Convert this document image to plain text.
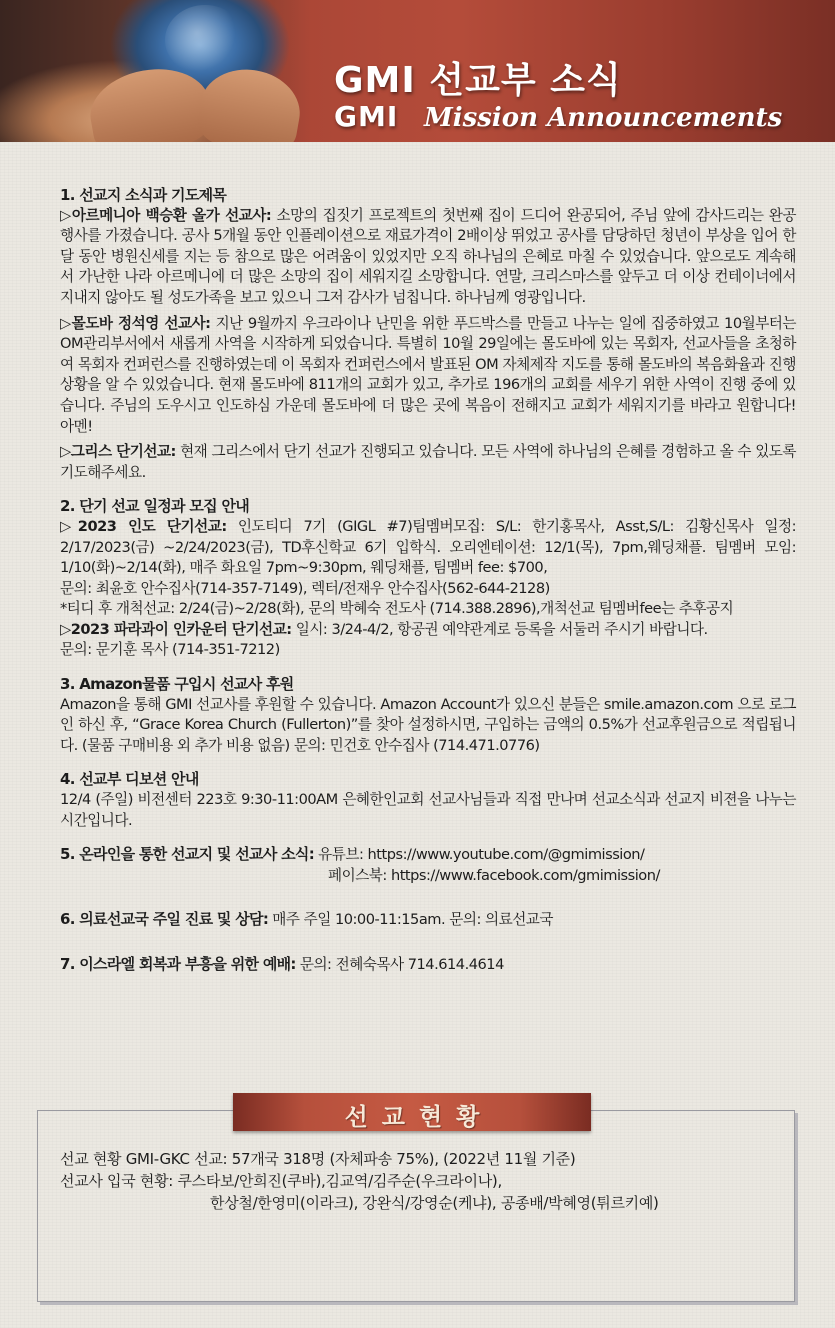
GMI 선교부 소식
GMI Mission Announcements

1. 선교지 소식과 기도제목

▷아르메니아 백승환 올가 선교사: 소망의 집짓기 프로젝트의 첫번째 집이 드디어 완공되어, 주님 앞에 감사드리는 완공 행사를 가졌습니다. 공사 5개월 동안 인플레이션으로 재료가격이 2배이상 뛰었고 공사를 담당하던 청년이 부상을 입어 한 달 동안 병원신세를 지는 등 참으로 많은 어려움이 있었지만 오직 하나님의 은혜로 마칠 수 있었습니다. 앞으로도 계속해서 가난한 나라 아르메니에 더 많은 소망의 집이 세워지길 소망합니다. 연말, 크리스마스를 앞두고 더 이상 컨테이너에서 지내지 않아도 될 성도가족을 보고 있으니 그저 감사가 넘칩니다. 하나님께 영광입니다.

▷몰도바 정석영 선교사: 지난 9월까지 우크라이나 난민을 위한 푸드박스를 만들고 나누는 일에 집중하였고 10월부터는 OM관리부서에서 새롭게 사역을 시작하게 되었습니다. 특별히 10월 29일에는 몰도바에 있는 목회자, 선교사들을 초청하여 목회자 컨퍼런스를 진행하였는데 이 목회자 컨퍼런스에서 발표된 OM 자체제작 지도를 통해 몰도바의 복음화율과 진행상황을 알 수 있었습니다. 현재 몰도바에 811개의 교회가 있고, 추가로 196개의 교회를 세우기 위한 사역이 진행 중에 있습니다. 주님의 도우시고 인도하심 가운데 몰도바에 더 많은 곳에 복음이 전해지고 교회가 세워지기를 바라고 원합니다! 아멘!

▷그리스 단기선교: 현재 그리스에서 단기 선교가 진행되고 있습니다. 모든 사역에 하나님의 은혜를 경험하고 올 수 있도록 기도해주세요.

2. 단기 선교 일정과 모집 안내

▷2023 인도 단기선교: 인도티디 7기 (GIGL #7)팀멤버모집: S/L: 한기홍목사, Asst,S/L: 김황신목사 일정: 2/17/2023(금) ~2/24/2023(금), TD후신학교 6기 입학식. 오리엔테이션: 12/1(목), 7pm,웨딩채플. 팀멤버 모임: 1/10(화)~2/14(화), 매주 화요일 7pm~9:30pm, 웨딩채플, 팀멤버 fee: $700,

문의: 최윤호 안수집사(714-357-7149), 렉터/전재우 안수집사(562-644-2128)

*티디 후 개척선교: 2/24(금)~2/28(화), 문의 박혜숙 전도사 (714.388.2896),개척선교 팀멤버fee는 추후공지

▷2023 파라과이 인카운터 단기선교: 일시: 3/24-4/2, 항공권 예약관계로 등록을 서둘러 주시기 바랍니다.

문의: 문기훈 목사 (714-351-7212)

3. Amazon물품 구입시 선교사 후원

Amazon을 통해 GMI 선교사를 후원할 수 있습니다. Amazon Account가 있으신 분들은 smile.amazon.com 으로 로그인 하신 후, “Grace Korea Church (Fullerton)”를 찾아 설정하시면, 구입하는 금액의 0.5%가 선교후원금으로 적립됩니다. (물품 구매비용 외 추가 비용 없음) 문의: 민건호 안수집사 (714.471.0776)

4. 선교부 디보션 안내

12/4 (주일) 비전센터 223호 9:30-11:00AM 은혜한인교회 선교사님들과 직접 만나며 선교소식과 선교지 비젼을 나누는 시간입니다.

5. 온라인을 통한 선교지 및 선교사 소식: 유튜브: https://www.youtube.com/@gmimission/

페이스북: https://www.facebook.com/gmimission/

6. 의료선교국 주일 진료 및 상담: 매주 주일 10:00-11:15am. 문의: 의료선교국

7. 이스라엘 회복과 부흥을 위한 예배: 문의: 전혜숙목사 714.614.4614

선교현황

선교 현황 GMI-GKC 선교: 57개국 318명 (자체파송 75%), (2022년 11월 기준)

선교사 입국 현황: 쿠스타보/안희진(쿠바),김교역/김주순(우크라이나),

한상철/한영미(이라크), 강완식/강영순(케냐), 공종배/박혜영(튀르키예)
